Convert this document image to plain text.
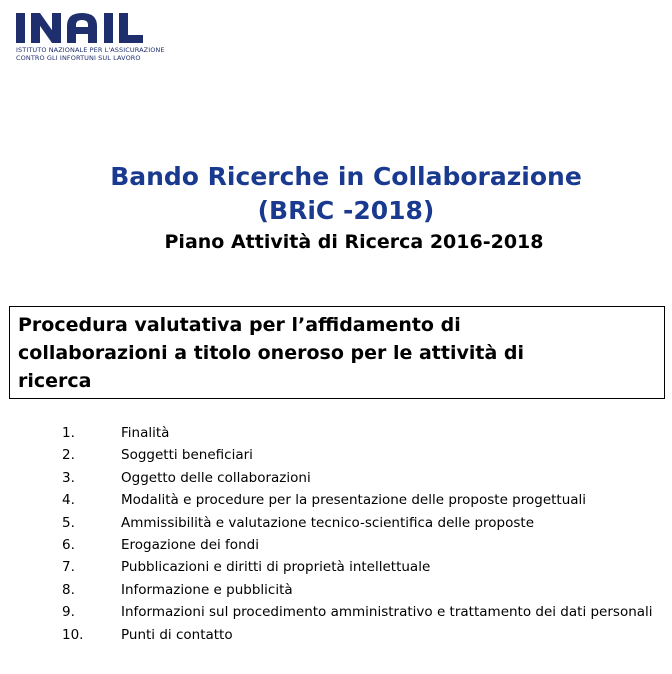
ISTITUTO NAZIONALE PER L'ASSICURAZIONE
CONTRO GLI INFORTUNI SUL LAVORO
Bando Ricerche in Collaborazione
(BRiC -2018)
Piano Attività di Ricerca 2016-2018

Procedura valutativa per l’affidamento di
collaborazioni a titolo oneroso per le attività di
ricerca

1.	Finalità
2.	Soggetti beneficiari
3.	Oggetto delle collaborazioni
4.	Modalità e procedure per la presentazione delle proposte progettuali
5.	Ammissibilità e valutazione tecnico-scientifica delle proposte
6.	Erogazione dei fondi
7.	Pubblicazioni e diritti di proprietà intellettuale
8.	Informazione e pubblicità
9.	Informazioni sul procedimento amministrativo e trattamento dei dati personali
10.	Punti di contatto
